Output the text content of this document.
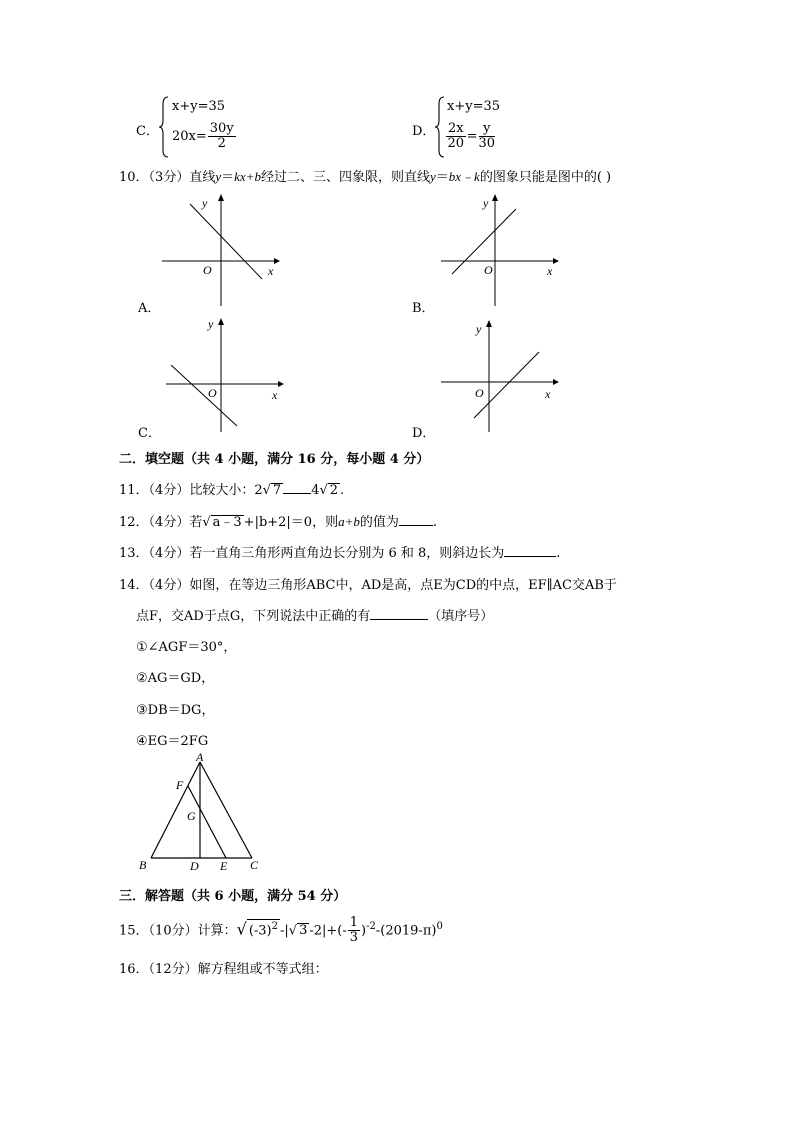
C．
x+y=35
$20x= \frac{30y}{2}$	D．
x+y=35
$\frac{2x}{20} = \frac{y}{30}$
10．（3分）直线y＝kx+b经过二、三、四象限，则直线y＝bx﹣k的图象只能是图中的( )
A．
y
x
O
B．
y
x
O
C．
y
x
O
D．
y
x
O
二．填空题（共 4 小题，满分 16 分，每小题 4 分）
11．（4分）比较大小：2√ 7 4√ 2 .
12．（4分）若√ a﹣3 +|b+2|＝0，则a+b的值为	.
13．（4分）若一直角三角形两直角边长分别为 6 和 8，则斜边长为	.
14．（4分）如图，在等边三角形ABC中，AD是高，点E为CD的中点，EF∥AC交AB于
点F，交AD于点G，下列说法中正确的有	（填序号）
①∠AGF＝30°，
②AG＝GD，
③DB＝DG，
④EG＝2FG
A
B	C
D E
F
G
三．解答题（共 6 小题，满分 54 分）
15．（10分）计算：√ $(-3)^2$ -|√ 3 $-2|+(- \frac{1}{3} )^{-2}-(2019-\pi)^0$
16．（12分）解方程组或不等式组：
